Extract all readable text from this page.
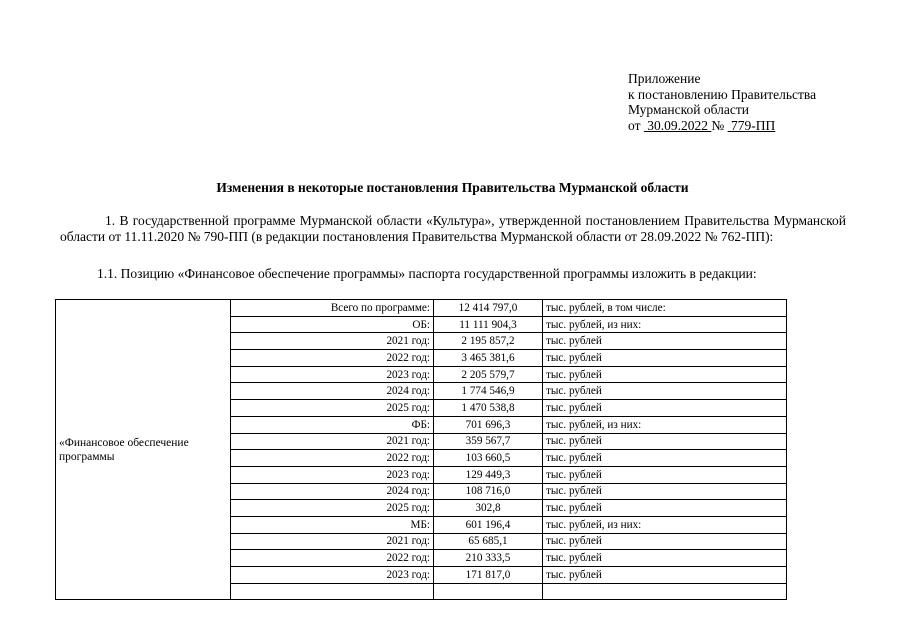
Приложение
к постановлению Правительства
Мурманской области
от 30.09.2022 № 779-ПП
Изменения в некоторые постановления Правительства Мурманской области
1. В государственной программе Мурманской области «Культура», утвержденной постановлением Правительства Мурманской области от 11.11.2020 № 790-ПП (в редакции постановления Правительства Мурманской области от 28.09.2022 № 762-ПП):
1.1. Позицию «Финансовое обеспечение программы» паспорта государственной программы изложить в редакции:
«Финансовое обеспечение программы	Всего по программе:	12 414 797,0	тыс. рублей, в том числе:
	ОБ:	11 111 904,3	тыс. рублей, из них:
	2021 год:	2 195 857,2	тыс. рублей
	2022 год:	3 465 381,6	тыс. рублей
	2023 год:	2 205 579,7	тыс. рублей
	2024 год:	1 774 546,9	тыс. рублей
	2025 год:	1 470 538,8	тыс. рублей
	ФБ:	701 696,3	тыс. рублей, из них:
	2021 год:	359 567,7	тыс. рублей
	2022 год:	103 660,5	тыс. рублей
	2023 год:	129 449,3	тыс. рублей
	2024 год:	108 716,0	тыс. рублей
	2025 год:	302,8	тыс. рублей
	МБ:	601 196,4	тыс. рублей, из них:
	2021 год:	65 685,1	тыс. рублей
	2022 год:	210 333,5	тыс. рублей
	2023 год:	171 817,0	тыс. рублей
